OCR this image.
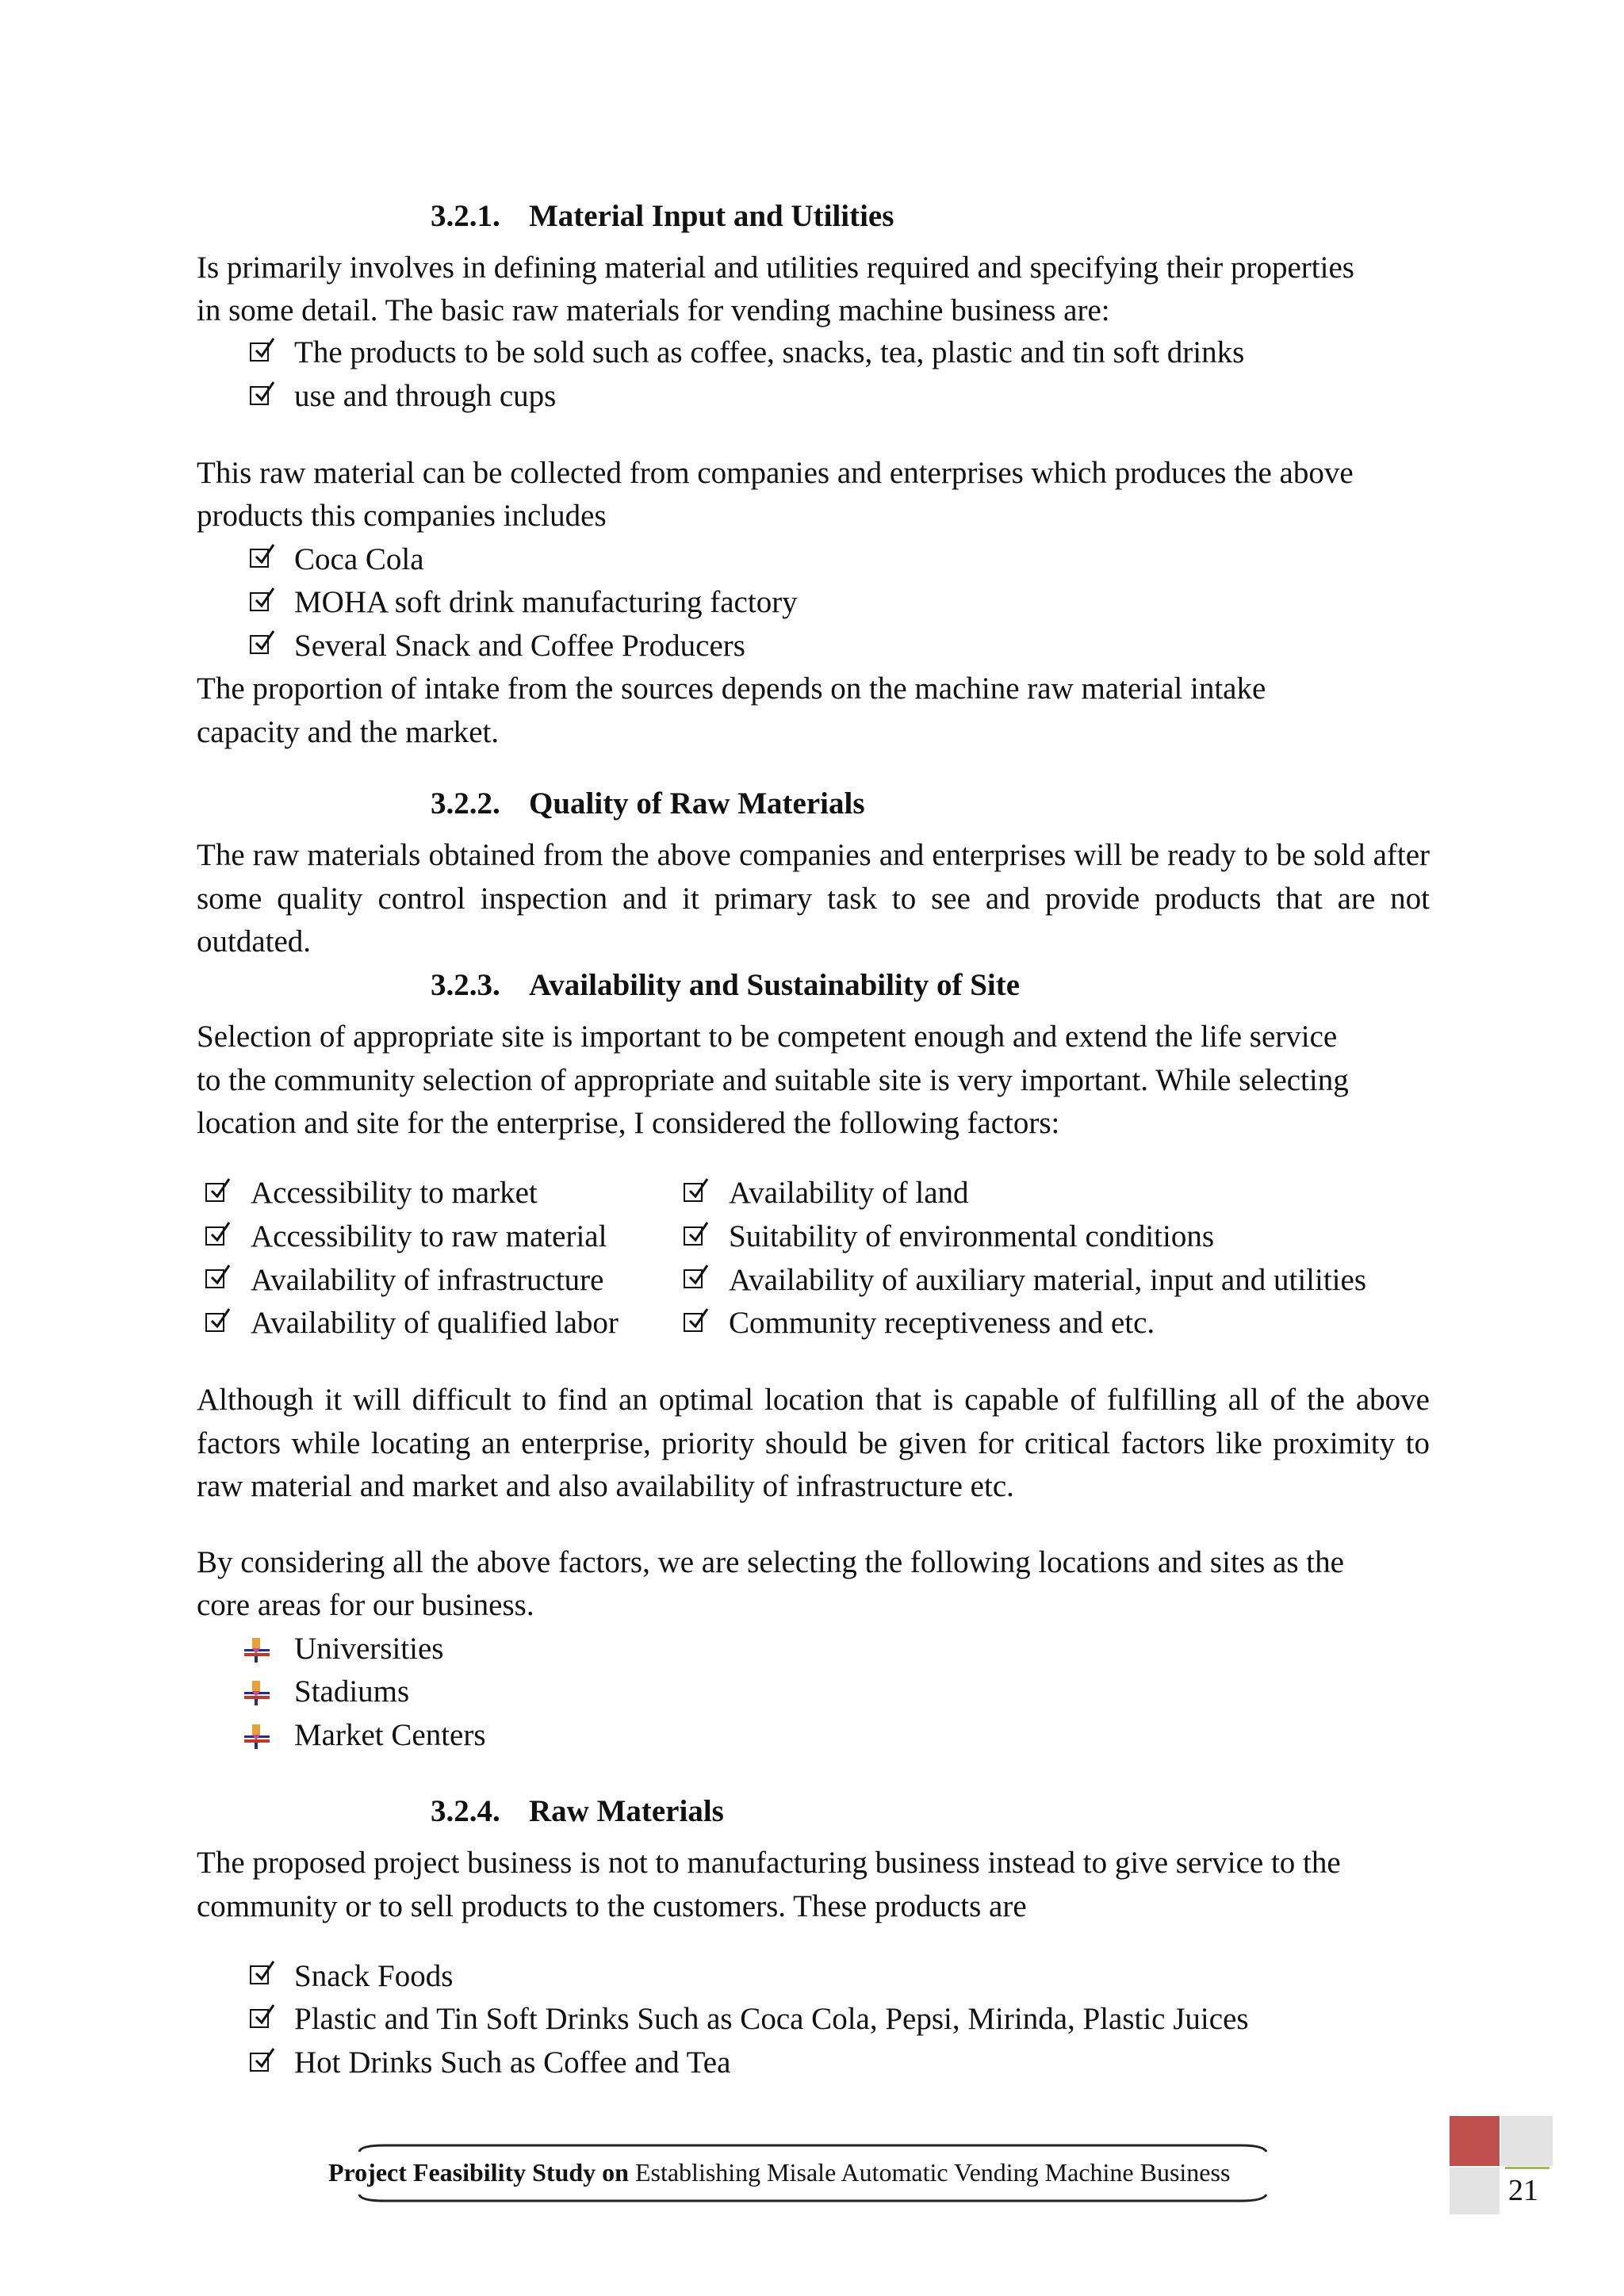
3.2.1. Material Input and Utilities
Is primarily involves in defining material and utilities required and specifying their properties
in some detail. The basic raw materials for vending machine business are:
The products to be sold such as coffee, snacks, tea, plastic and tin soft drinks
use and through cups
This raw material can be collected from companies and enterprises which produces the above
products this companies includes
Coca Cola
MOHA soft drink manufacturing factory
Several Snack and Coffee Producers
The proportion of intake from the sources depends on the machine raw material intake
capacity and the market.
3.2.2. Quality of Raw Materials
The raw materials obtained from the above companies and enterprises will be ready to be sold after some quality control inspection and it primary task to see and provide products that are not outdated.
3.2.3. Availability and Sustainability of Site
Selection of appropriate site is important to be competent enough and extend the life service
to the community selection of appropriate and suitable site is very important. While selecting
location and site for the enterprise, I considered the following factors:
Accessibility to market
Accessibility to raw material
Availability of infrastructure
Availability of qualified labor
Availability of land
Suitability of environmental conditions
Availability of auxiliary material, input and utilities
Community receptiveness and etc.
Although it will difficult to find an optimal location that is capable of fulfilling all of the above factors while locating an enterprise, priority should be given for critical factors like proximity to raw material and market and also availability of infrastructure etc.
By considering all the above factors, we are selecting the following locations and sites as the
core areas for our business.
Universities
Stadiums
Market Centers
3.2.4. Raw Materials
The proposed project business is not to manufacturing business instead to give service to the
community or to sell products to the customers. These products are
Snack Foods
Plastic and Tin Soft Drinks Such as Coca Cola, Pepsi, Mirinda, Plastic Juices
Hot Drinks Such as Coffee and Tea
Project Feasibility Study on Establishing Misale Automatic Vending Machine Business
21
